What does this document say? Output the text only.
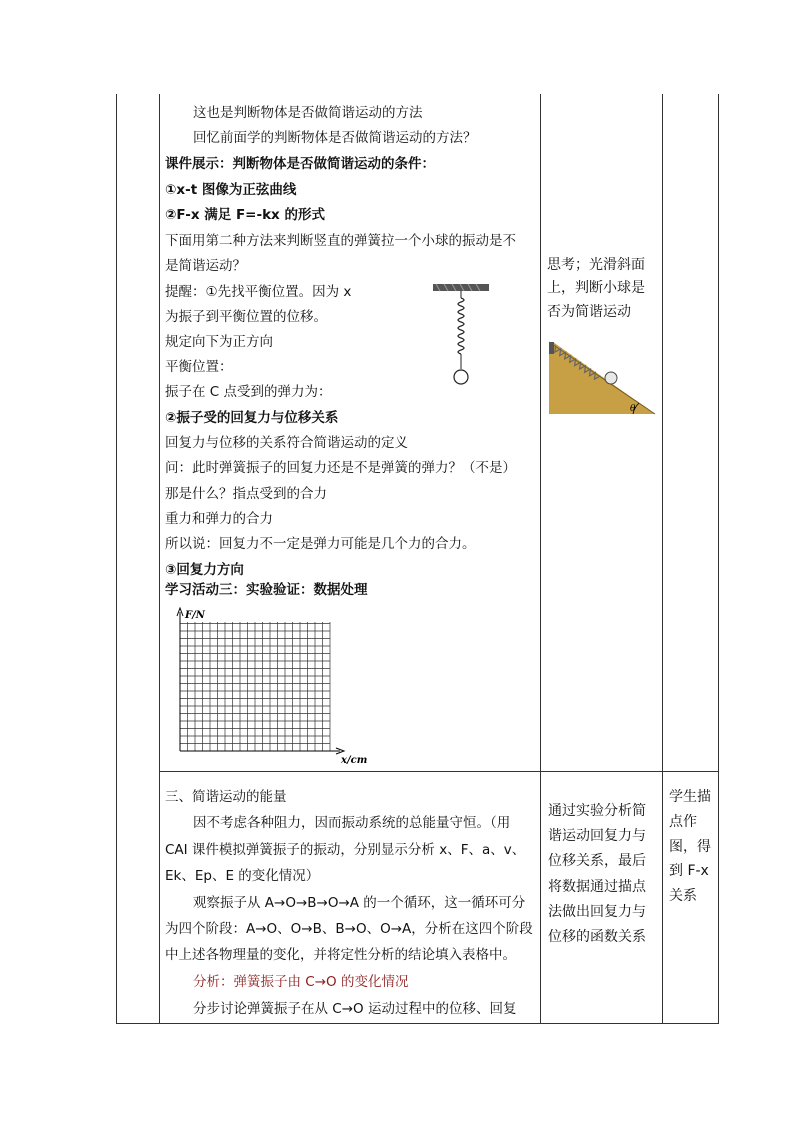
这也是判断物体是否做简谐运动的方法
回忆前面学的判断物体是否做简谐运动的方法？
课件展示：判断物体是否做简谐运动的条件：
①x-t 图像为正弦曲线
②F-x 满足 F=-kx 的形式
下面用第二种方法来判断竖直的弹簧拉一个小球的振动是不
是简谐运动？
提醒：①先找平衡位置。因为 x
为振子到平衡位置的位移。
规定向下为正方向
平衡位置：
振子在 C 点受到的弹力为：
②振子受的回复力与位移关系
回复力与位移的关系符合简谐运动的定义
问：此时弹簧振子的回复力还是不是弹簧的弹力？（不是）
那是什么？指点受到的合力
重力和弹力的合力
所以说：回复力不一定是弹力可能是几个力的合力。
③回复力方向
学习活动三：实验验证：数据处理
三、简谐运动的能量
因不考虑各种阻力，因而振动系统的总能量守恒。（用
CAI 课件模拟弹簧振子的振动，分别显示分析 x、F、a、v、
Ek、Ep、E 的变化情况）
观察振子从 A→O→B→O→A 的一个循环，这一循环可分
为四个阶段：A→O、O→B、B→O、O→A，分析在这四个阶段
中上述各物理量的变化，并将定性分析的结论填入表格中。
分析：弹簧振子由 C→O 的变化情况
分步讨论弹簧振子在从 C→O 运动过程中的位移、回复
F/N
x/cm
思考；光滑斜面
上，判断小球是
否为简谐运动
θ
通过实验分析简
谐运动回复力与
位移关系，最后
将数据通过描点
法做出回复力与
位移的函数关系
学生描
点作
图，得
到 F-x
关系
